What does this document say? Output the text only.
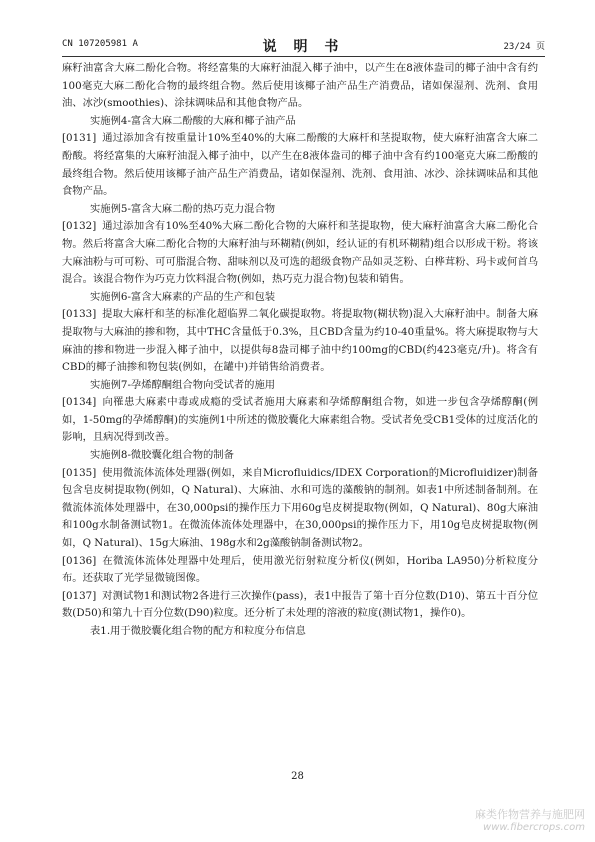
CN 107205981 A	说 明 书	23/24 页

麻籽油富含大麻二酚化合物。将经富集的大麻籽油混入椰子油中，以产生在8液体盎司的椰子油中含有约100毫克大麻二酚化合物的最终组合物。然后使用该椰子油产品生产消费品，诸如保湿剂、洗剂、食用油、冰沙(smoothies)、涂抹调味品和其他食物产品。

实施例4-富含大麻二酚酸的大麻和椰子油产品

[0131] 通过添加含有按重量计10%至40%的大麻二酚酸的大麻杆和茎提取物，使大麻籽油富含大麻二酚酸。将经富集的大麻籽油混入椰子油中，以产生在8液体盎司的椰子油中含有约100毫克大麻二酚酸的最终组合物。然后使用该椰子油产品生产消费品，诸如保湿剂、洗剂、食用油、冰沙、涂抹调味品和其他食物产品。

实施例5-富含大麻二酚的热巧克力混合物

[0132] 通过添加含有10%至40%大麻二酚化合物的大麻杆和茎提取物，使大麻籽油富含大麻二酚化合物。然后将富含大麻二酚化合物的大麻籽油与环糊精(例如，经认证的有机环糊精)组合以形成干粉。将该大麻油粉与可可粉、可可脂混合物、甜味剂以及可选的超级食物产品如灵芝粉、白桦茸粉、玛卡或何首乌混合。该混合物作为巧克力饮料混合物(例如，热巧克力混合物)包装和销售。

实施例6-富含大麻素的产品的生产和包装

[0133] 提取大麻杆和茎的标准化超临界二氧化碳提取物。将提取物(糊状物)混入大麻籽油中。制备大麻提取物与大麻油的掺和物，其中THC含量低于0.3%，且CBD含量为约10-40重量%。将大麻提取物与大麻油的掺和物进一步混入椰子油中，以提供每8盎司椰子油中约100mg的CBD(约423毫克/升)。将含有CBD的椰子油掺和物包装(例如，在罐中)并销售给消费者。

实施例7-孕烯醇酮组合物向受试者的施用

[0134] 向罹患大麻素中毒或成瘾的受试者施用大麻素和孕烯醇酮组合物，如进一步包含孕烯醇酮(例如，1-50mg的孕烯醇酮)的实施例1中所述的微胶囊化大麻素组合物。受试者免受CB1受体的过度活化的影响，且病况得到改善。

实施例8-微胶囊化组合物的制备

[0135] 使用微流体流体处理器(例如，来自Microfluidics/IDEX Corporation的Microfluidizer)制备包含皂皮树提取物(例如，Q Natural)、大麻油、水和可选的藻酸钠的制剂。如表1中所述制备制剂。在微流体流体处理器中，在30,000psi的操作压力下用60g皂皮树提取物(例如，Q Natural)、80g大麻油和100g水制备测试物1。在微流体流体处理器中，在30,000psi的操作压力下，用10g皂皮树提取物(例如，Q Natural)、15g大麻油、198g水和2g藻酸钠制备测试物2。

[0136] 在微流体流体处理器中处理后，使用激光衍射粒度分析仪(例如，Horiba LA950)分析粒度分布。还获取了光学显微镜图像。

[0137] 对测试物1和测试物2各进行三次操作(pass)，表1中报告了第十百分位数(D10)、第五十百分位数(D50)和第九十百分位数(D90)粒度。还分析了未处理的溶液的粒度(测试物1，操作0)。

表1.用于微胶囊化组合物的配方和粒度分布信息

28
麻类作物营养与施肥网
www.fibercrops.com
